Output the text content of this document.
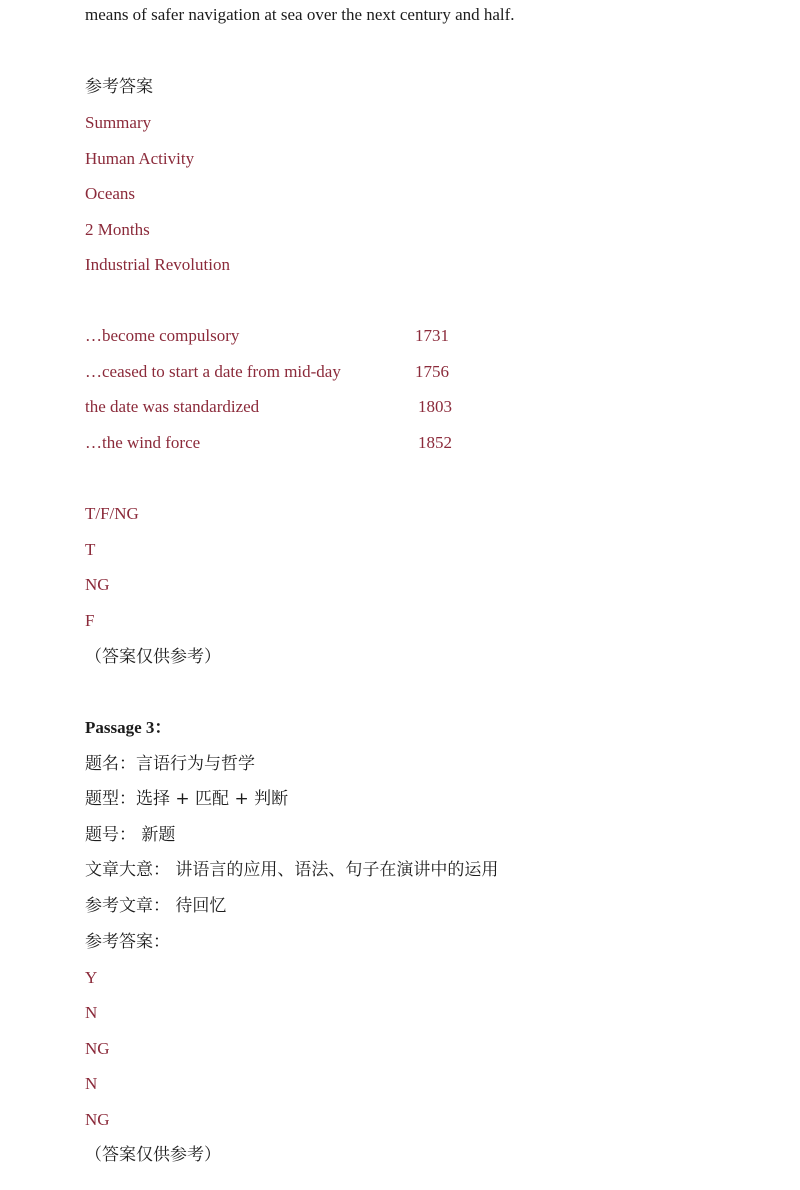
means of safer navigation at sea over the next century and half.

参考答案

Summary

Human Activity

Oceans

2 Months

Industrial Revolution

…become compulsory	1731

…ceased to start a date from mid-day	1756

the date was standardized	1803

…the wind force	1852

T/F/NG

T

NG

F

（答案仅供参考）

Passage 3：

题名：言语行为与哲学

题型：选择 + 匹配 + 判断

题号： 新题

文章大意： 讲语言的应用、语法、句子在演讲中的运用

参考文章： 待回忆

参考答案：

Y

N

NG

N

NG

（答案仅供参考）
